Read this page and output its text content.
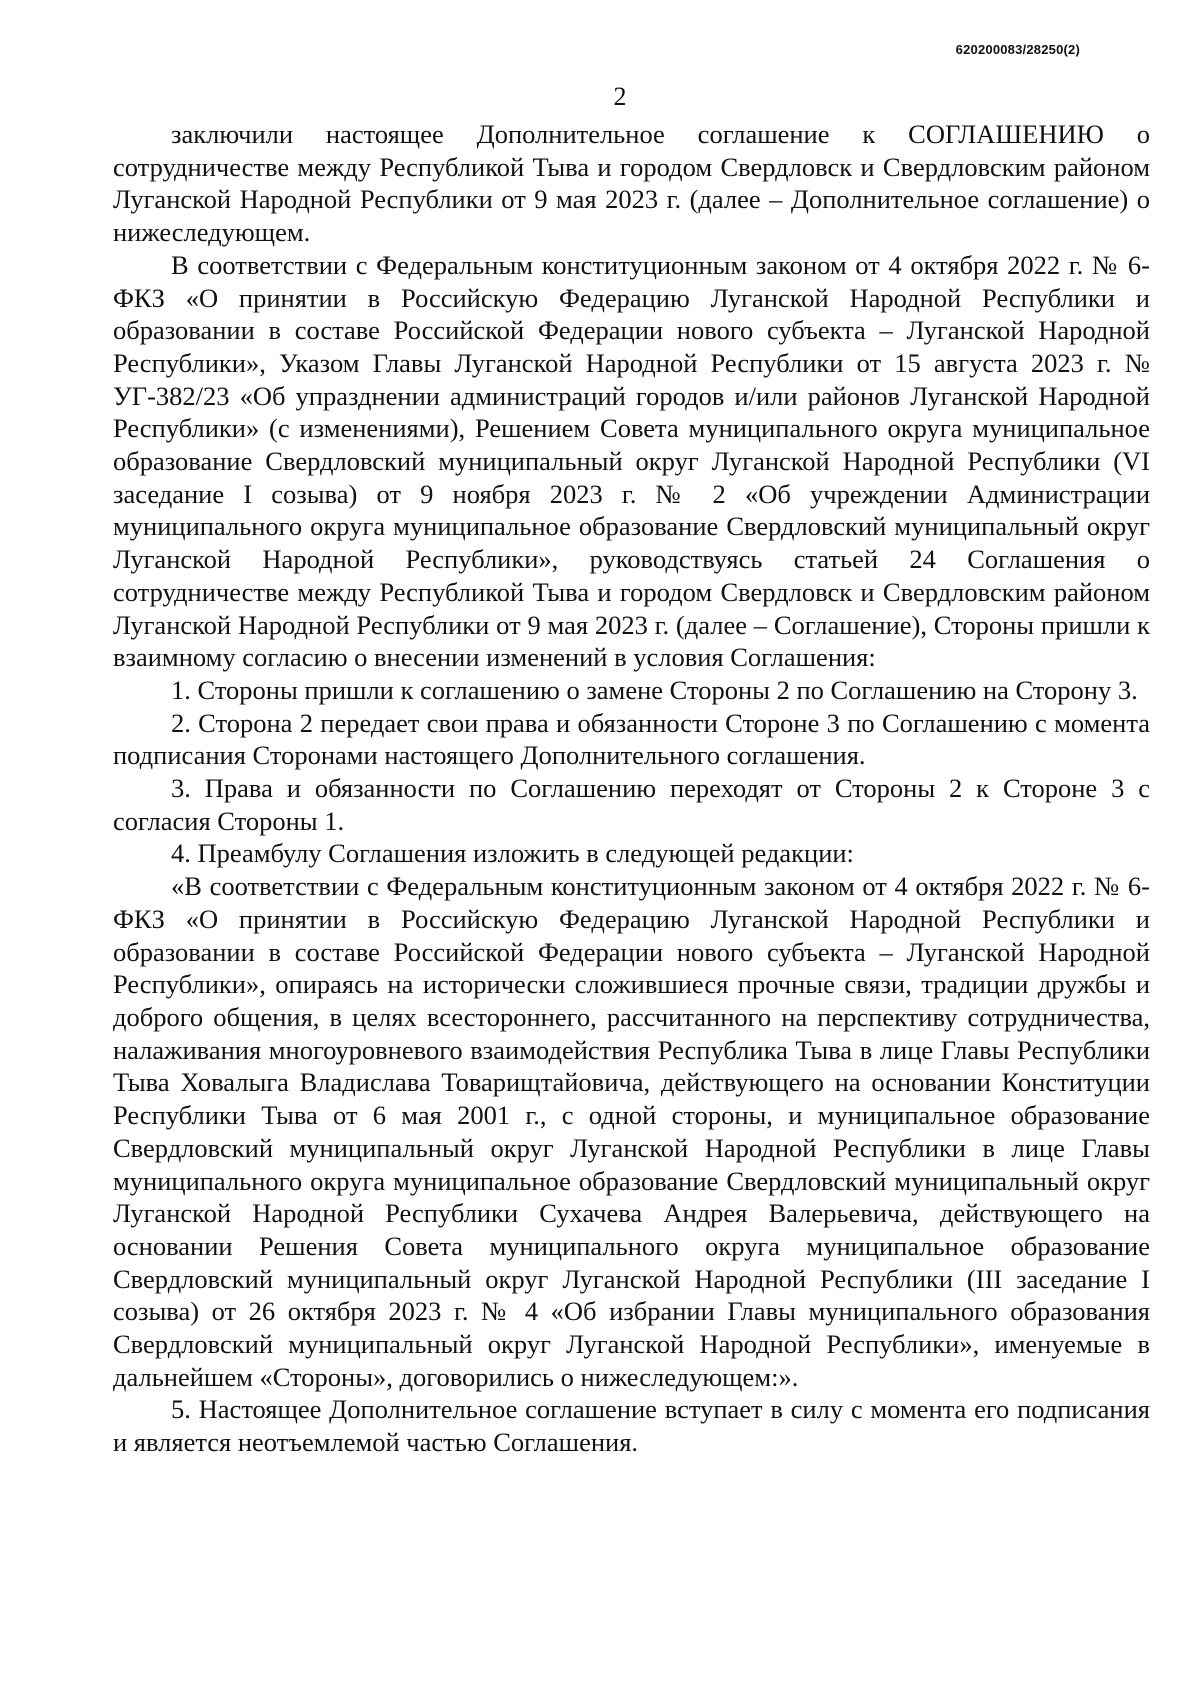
620200083/28250(2)
2

заключили настоящее Дополнительное соглашение к СОГЛАШЕНИЮ о сотрудничестве между Республикой Тыва и городом Свердловск и Свердловским районом Луганской Народной Республики от 9 мая 2023 г. (далее – Дополнительное соглашение) о нижеследующем.

В соответствии с Федеральным конституционным законом от 4 октября 2022 г. № 6-ФКЗ «О принятии в Российскую Федерацию Луганской Народной Республики и образовании в составе Российской Федерации нового субъекта – Луганской Народной Республики», Указом Главы Луганской Народной Республики от 15 августа 2023 г. № УГ-382/23 «Об упразднении администраций городов и/или районов Луганской Народной Республики» (с изменениями), Решением Совета муниципального округа муниципальное образование Свердловский муниципальный округ Луганской Народной Республики (VI заседание I созыва) от 9 ноября 2023 г. № 2 «Об учреждении Администрации муниципального округа муниципальное образование Свердловский муниципальный округ Луганской Народной Республики», руководствуясь статьей 24 Соглашения о сотрудничестве между Республикой Тыва и городом Свердловск и Свердловским районом Луганской Народной Республики от 9 мая 2023 г. (далее – Соглашение), Стороны пришли к взаимному согласию о внесении изменений в условия Соглашения:

1. Стороны пришли к соглашению о замене Стороны 2 по Соглашению на Сторону 3.

2. Сторона 2 передает свои права и обязанности Стороне 3 по Соглашению с момента подписания Сторонами настоящего Дополнительного соглашения.

3. Права и обязанности по Соглашению переходят от Стороны 2 к Стороне 3 с согласия Стороны 1.

4. Преамбулу Соглашения изложить в следующей редакции:

«В соответствии с Федеральным конституционным законом от 4 октября 2022 г. № 6-ФКЗ «О принятии в Российскую Федерацию Луганской Народной Республики и образовании в составе Российской Федерации нового субъекта – Луганской Народной Республики», опираясь на исторически сложившиеся прочные связи, традиции дружбы и доброго общения, в целях всестороннего, рассчитанного на перспективу сотрудничества, налаживания многоуровневого взаимодействия Республика Тыва в лице Главы Республики Тыва Ховалыга Владислава Товарищтайовича, действующего на основании Конституции Республики Тыва от 6 мая 2001 г., с одной стороны, и муниципальное образование Свердловский муниципальный округ Луганской Народной Республики в лице Главы муниципального округа муниципальное образование Свердловский муниципальный округ Луганской Народной Республики Сухачева Андрея Валерьевича, действующего на основании Решения Совета муниципального округа муниципальное образование Свердловский муниципальный округ Луганской Народной Республики (III заседание I созыва) от 26 октября 2023 г. № 4 «Об избрании Главы муниципального образования Свердловский муниципальный округ Луганской Народной Республики», именуемые в дальнейшем «Стороны», договорились о нижеследующем:».

5. Настоящее Дополнительное соглашение вступает в силу с момента его подписания и является неотъемлемой частью Соглашения.
